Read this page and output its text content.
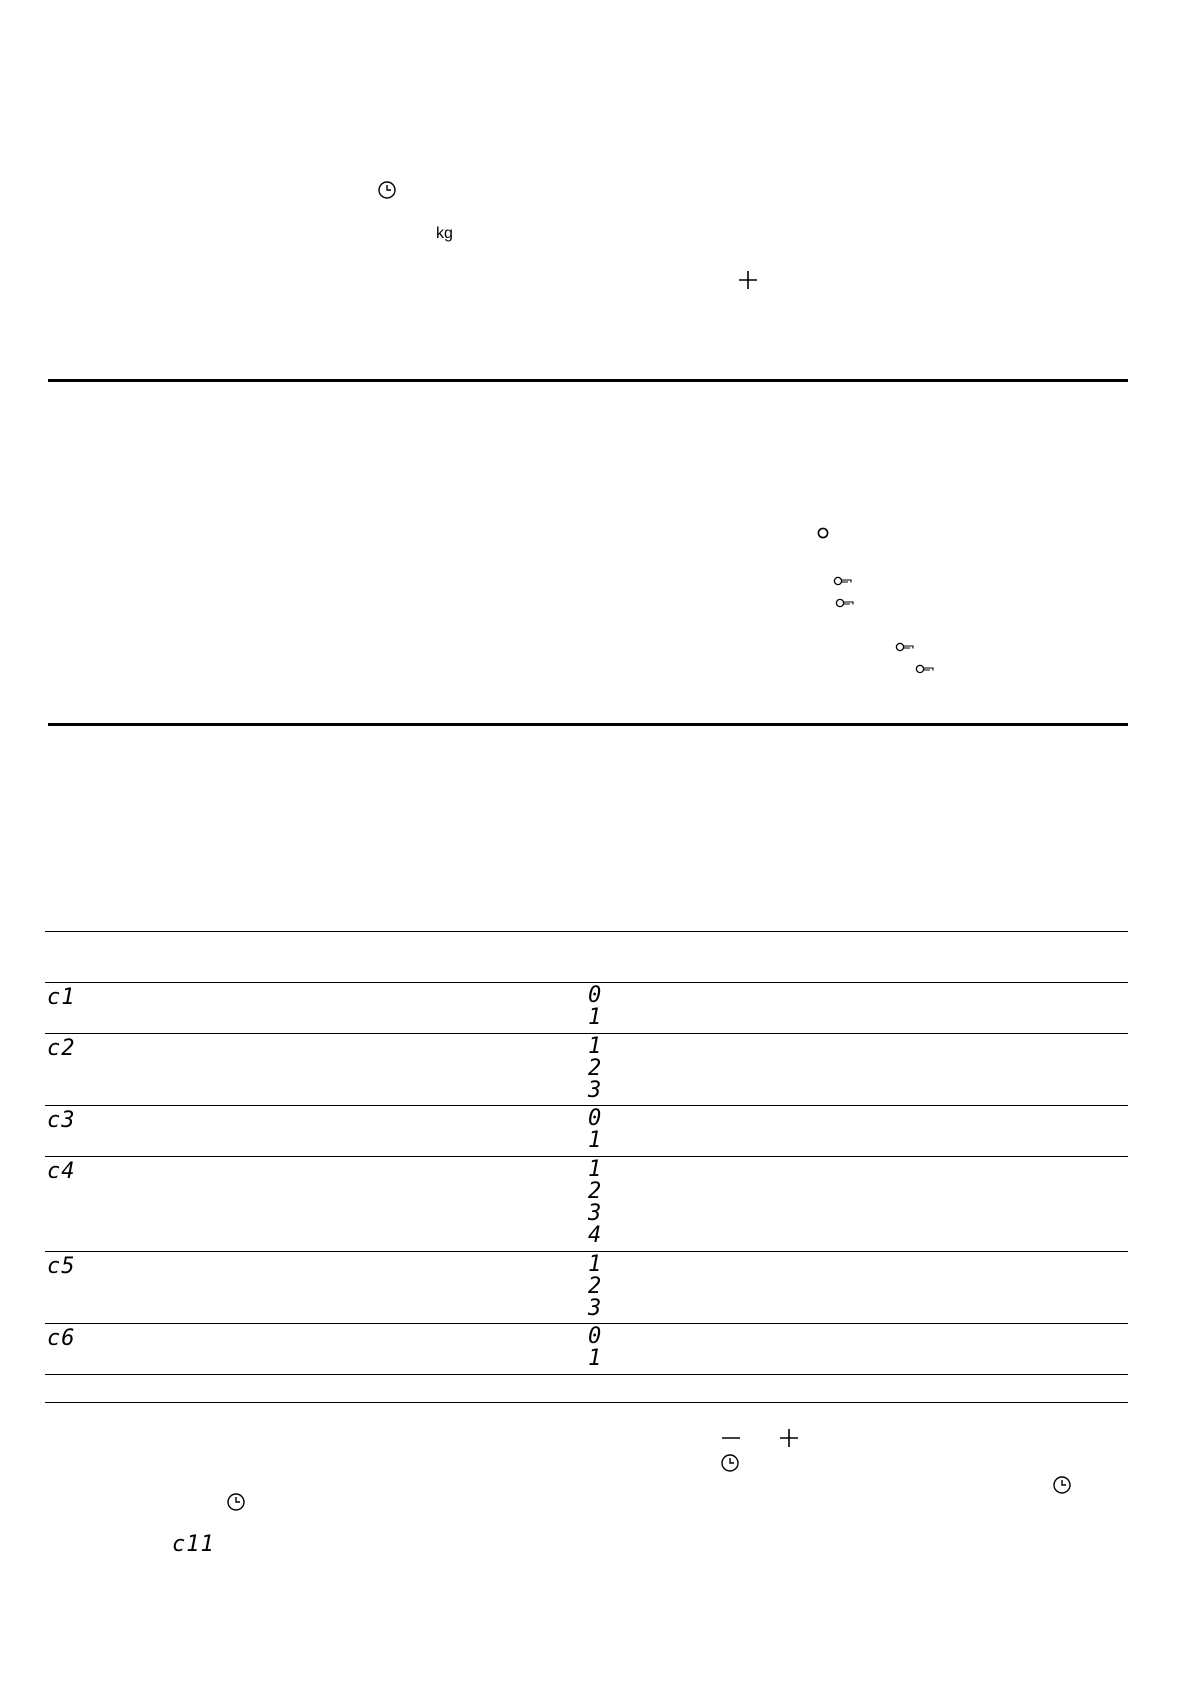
kg
c1	0
1
c2	1
2
3
c3	0
1
c4	1
2
3
4
c5	1
2
3
c6	0
1
c11
